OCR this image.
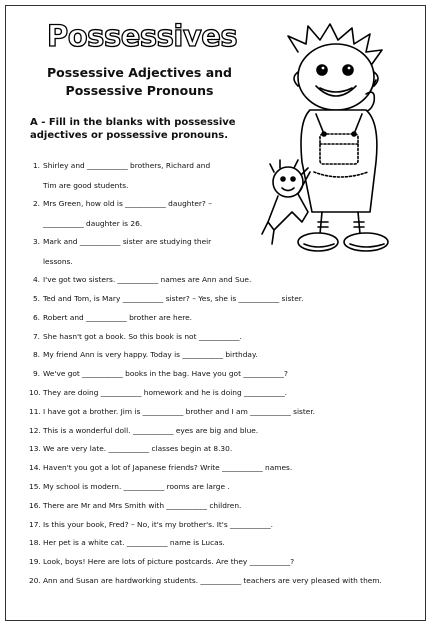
Possessives
Possessive Adjectives and
Possessive Pronouns
A - Fill in the blanks with possessive
adjectives or possessive pronouns.
1. Shirley and ___________ brothers, Richard and
Tim are good students.
2. Mrs Green, how old is ___________ daughter? –
___________ daughter is 26.
3. Mark and ___________ sister are studying their
lessons.
4. I've got two sisters. ___________ names are Ann and Sue.
5. Ted and Tom, is Mary ___________ sister? – Yes, she is ___________ sister.
6. Robert and ___________ brother are here.
7. She hasn't got a book. So this book is not ___________.
8. My friend Ann is very happy. Today is ___________ birthday.
9. We've got ___________ books in the bag. Have you got ___________?
10. They are doing ___________ homework and he is doing ___________.
11. I have got a brother. Jim is ___________ brother and I am ___________ sister.
12. This is a wonderful doll. ___________ eyes are big and blue.
13. We are very late. ___________ classes begin at 8.30.
14. Haven't you got a lot of Japanese friends? Write ___________ names.
15. My school is modern. ___________ rooms are large .
16. There are Mr and Mrs Smith with ___________ children.
17. Is this your book, Fred? – No, it's my brother's. It's ___________.
18. Her pet is a white cat. ___________ name is Lucas.
19. Look, boys! Here are lots of picture postcards. Are they ___________?
20. Ann and Susan are hardworking students. ___________ teachers are very pleased with them.
